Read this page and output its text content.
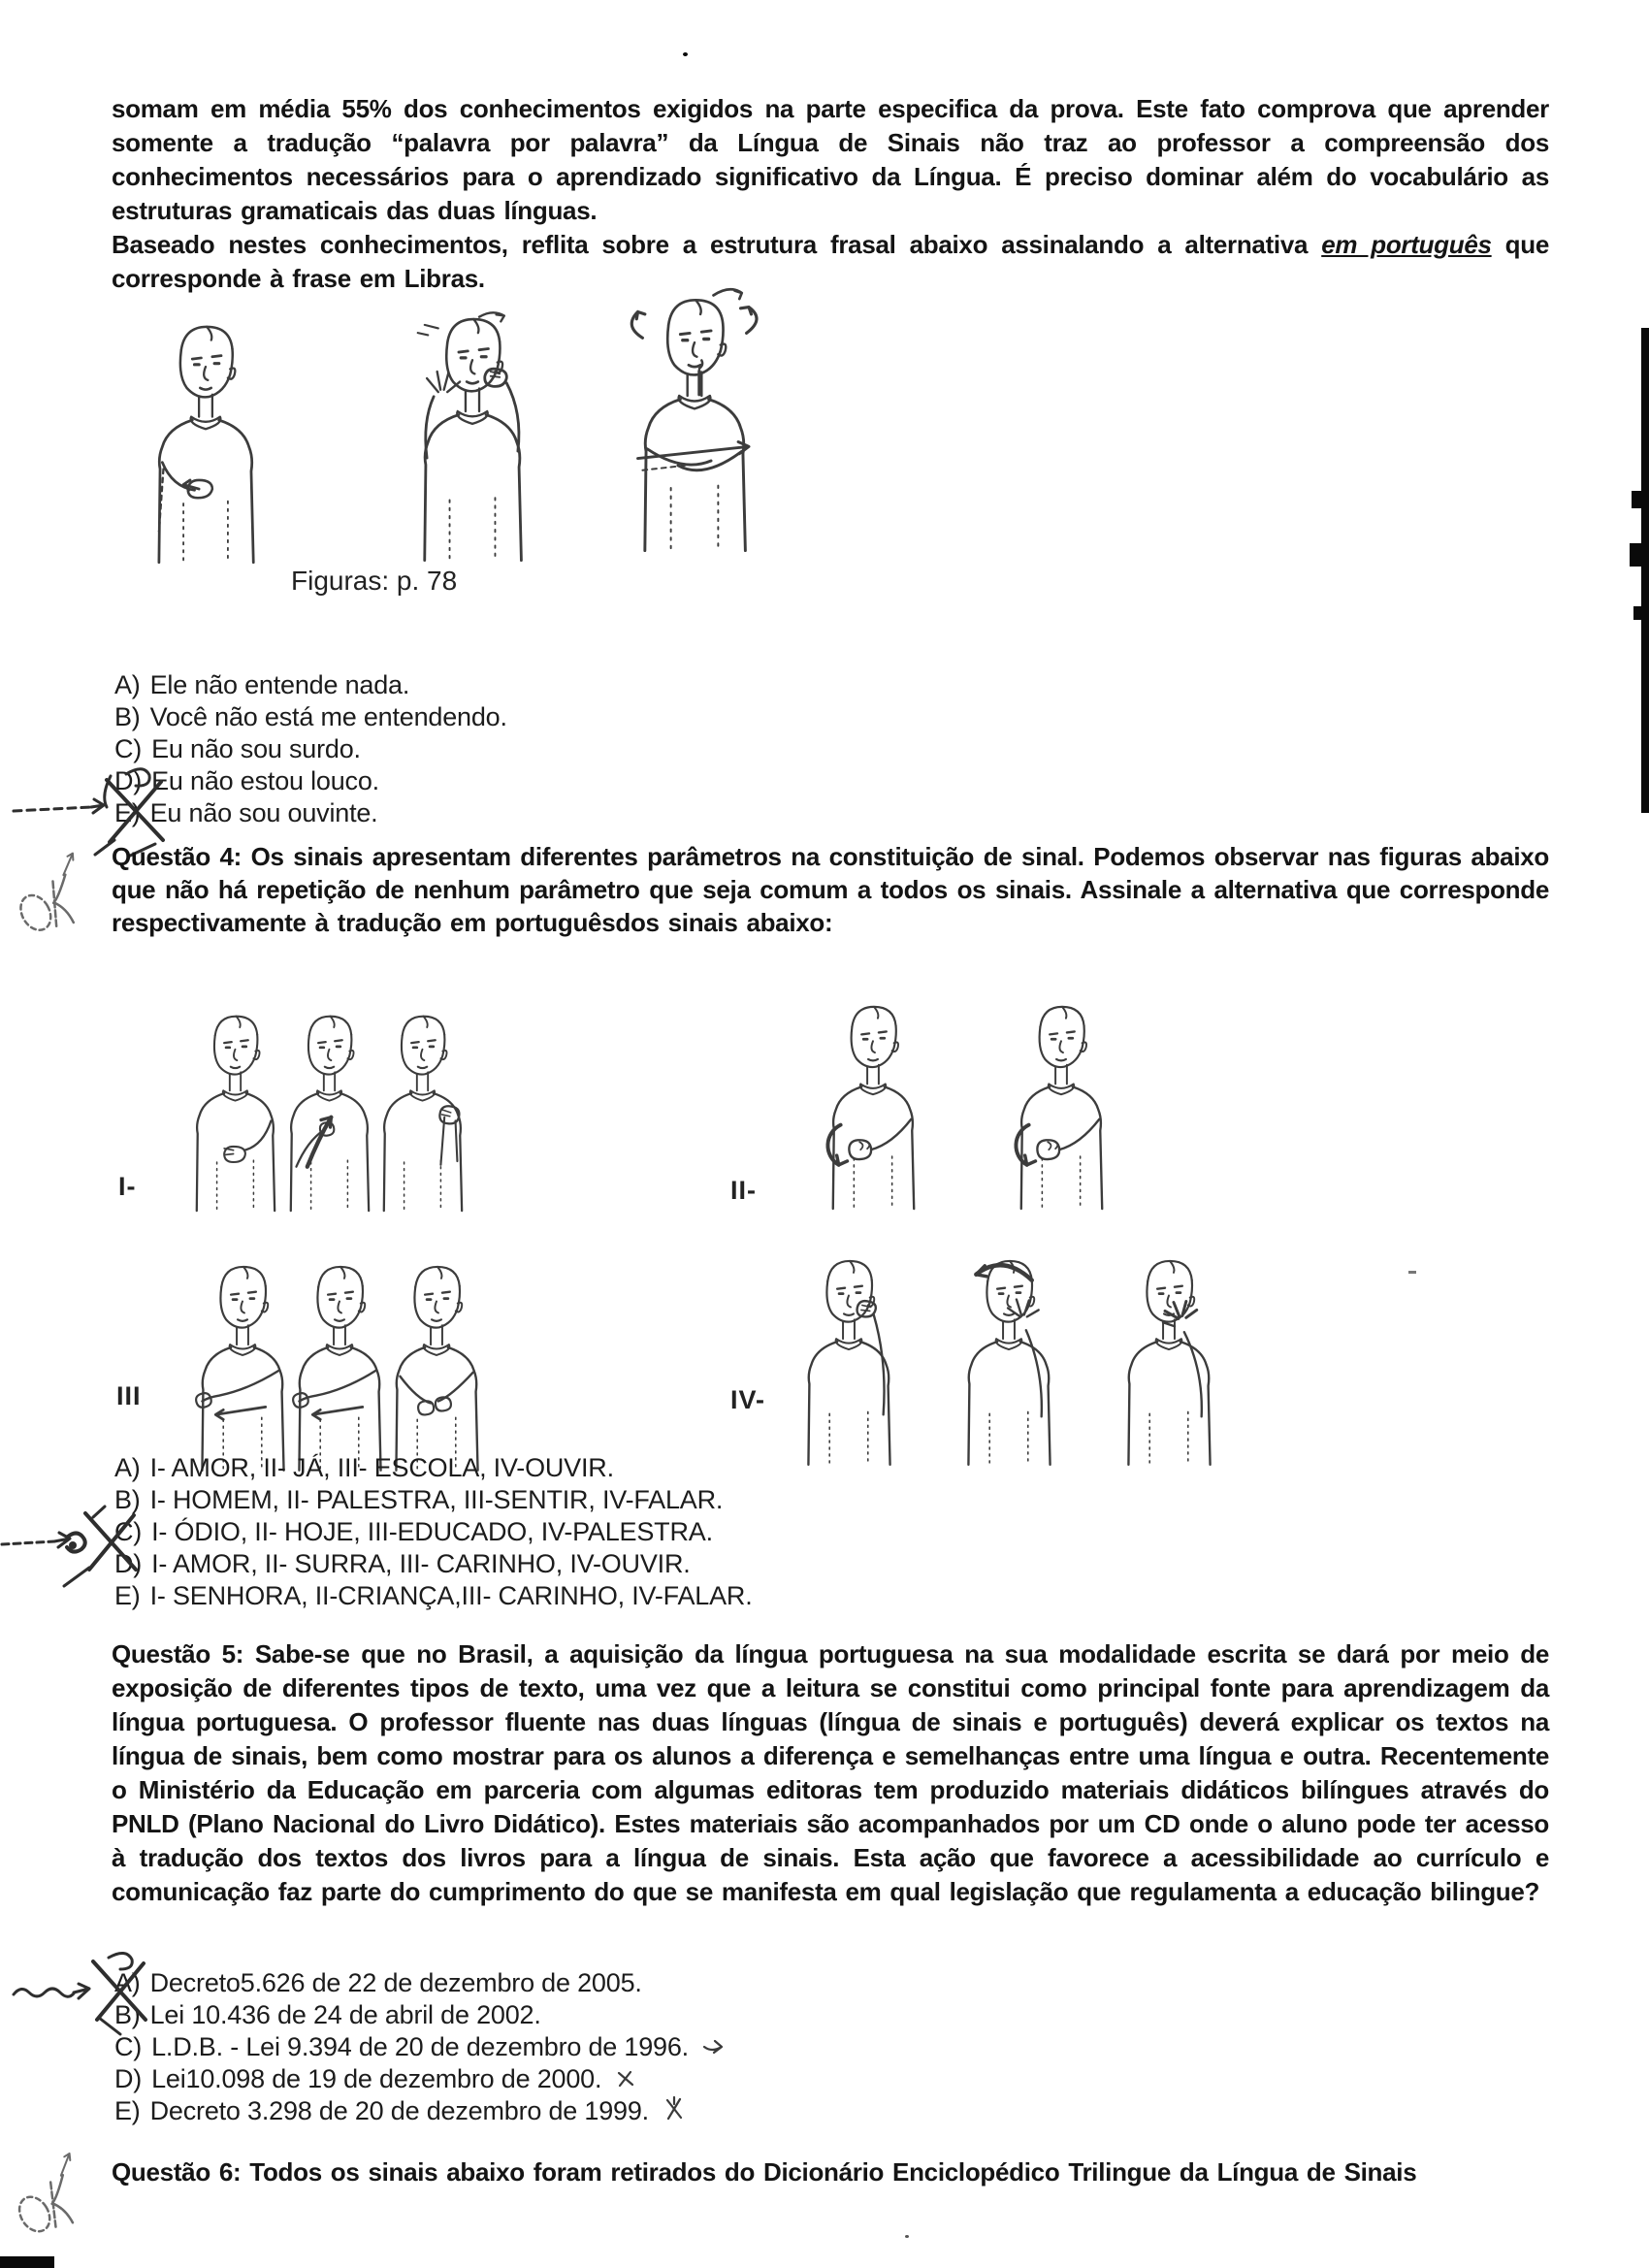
somam em média 55% dos conhecimentos exigidos na parte especifica da prova. Este fato comprova que aprender somente a tradução “palavra por palavra” da Língua de Sinais não traz ao professor a compreensão dos conhecimentos necessários para o aprendizado significativo da Língua. É preciso dominar além do vocabulário as estruturas gramaticais das duas línguas.

Baseado nestes conhecimentos, reflita sobre a estrutura frasal abaixo assinalando a alternativa em português que corresponde à frase em Libras.

Figuras: p. 78
A) Ele não entende nada.
B) Você não está me entendendo.
C) Eu não sou surdo.
D) Eu não estou louco.
E) Eu não sou ouvinte.
Questão 4: Os sinais apresentam diferentes parâmetros na constituição de sinal. Podemos observar nas figuras abaixo que não há repetição de nenhum parâmetro que seja comum a todos os sinais. Assinale a alternativa que corresponde respectivamente à tradução em portuguêsdos sinais abaixo:
I-	II-
III	IV-
A) I- AMOR, II- JÁ, III- ESCOLA, IV-OUVIR.
B) I- HOMEM, II- PALESTRA, III-SENTIR, IV-FALAR.
C) I- ÓDIO, II- HOJE, III-EDUCADO, IV-PALESTRA.
D) I- AMOR, II- SURRA, III- CARINHO, IV-OUVIR.
E) I- SENHORA, II-CRIANÇA,III- CARINHO, IV-FALAR.
Questão 5: Sabe-se que no Brasil, a aquisição da língua portuguesa na sua modalidade escrita se dará por meio de exposição de diferentes tipos de texto, uma vez que a leitura se constitui como principal fonte para aprendizagem da língua portuguesa. O professor fluente nas duas línguas (língua de sinais e português) deverá explicar os textos na língua de sinais, bem como mostrar para os alunos a diferença e semelhanças entre uma língua e outra. Recentemente o Ministério da Educação em parceria com algumas editoras tem produzido materiais didáticos bilíngues através do PNLD (Plano Nacional do Livro Didático). Estes materiais são acompanhados por um CD onde o aluno pode ter acesso à tradução dos textos dos livros para a língua de sinais. Esta ação que favorece a acessibilidade ao currículo e comunicação faz parte do cumprimento do que se manifesta em qual legislação que regulamenta a educação bilingue?
A) Decreto5.626 de 22 de dezembro de 2005.
B) Lei 10.436 de 24 de abril de 2002.
C) L.D.B. - Lei 9.394 de 20 de dezembro de 1996.
D) Lei10.098 de 19 de dezembro de 2000.
E) Decreto 3.298 de 20 de dezembro de 1999.
Questão 6: Todos os sinais abaixo foram retirados do Dicionário Enciclopédico Trilingue da Língua de Sinais
